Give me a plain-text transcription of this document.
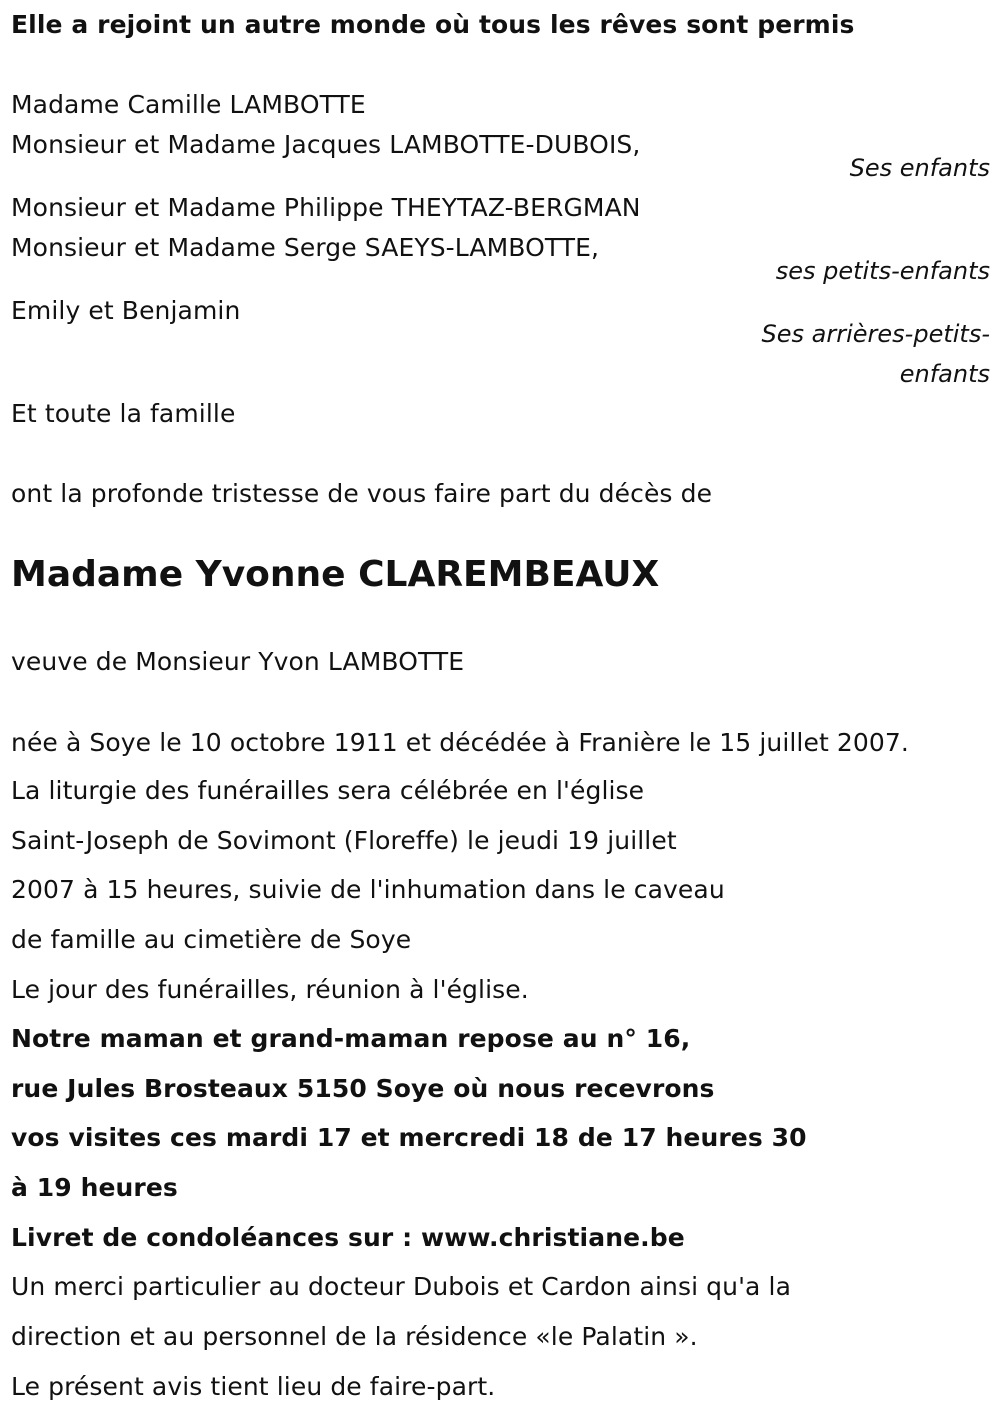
Elle a rejoint un autre monde où tous les rêves sont permis
Madame Camille LAMBOTTE
Monsieur et Madame Jacques LAMBOTTE-DUBOIS,
Ses enfants
Monsieur et Madame Philippe THEYTAZ-BERGMAN
Monsieur et Madame Serge SAEYS-LAMBOTTE,
ses petits-enfants
Emily et Benjamin
Ses arrières-petits-
enfants
Et toute la famille
ont la profonde tristesse de vous faire part du décès de
Madame Yvonne CLAREMBEAUX
veuve de Monsieur Yvon LAMBOTTE
née à Soye le 10 octobre 1911 et décédée à Franière le 15 juillet 2007.
La liturgie des funérailles sera célébrée en l'église
Saint-Joseph de Sovimont (Floreffe) le jeudi 19 juillet
2007 à 15 heures, suivie de l'inhumation dans le caveau
de famille au cimetière de Soye
Le jour des funérailles, réunion à l'église.
Notre maman et grand-maman repose au n° 16,
rue Jules Brosteaux 5150 Soye où nous recevrons
vos visites ces mardi 17 et mercredi 18 de 17 heures 30
à 19 heures
Livret de condoléances sur : www.christiane.be
Un merci particulier au docteur Dubois et Cardon ainsi qu'a la
direction et au personnel de la résidence «le Palatin ».
Le présent avis tient lieu de faire-part.
